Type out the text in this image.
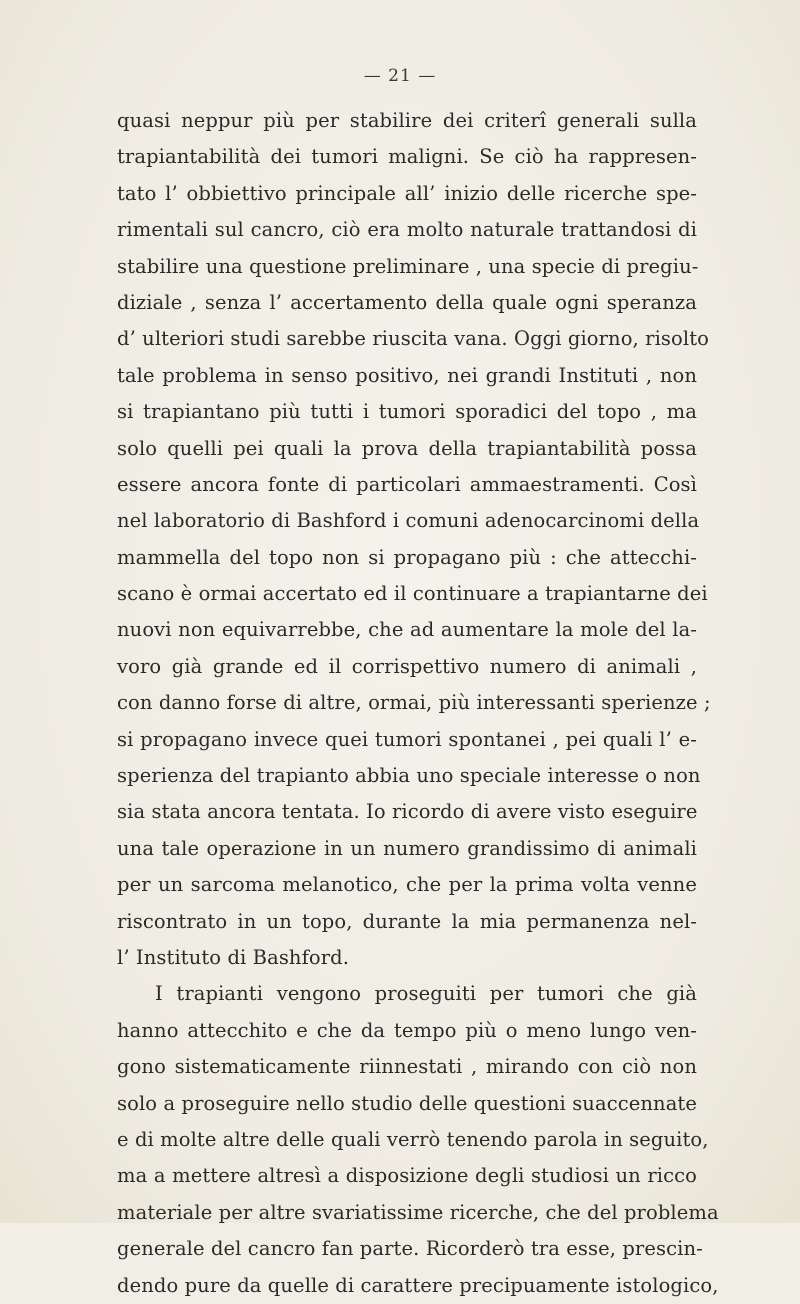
— 21 —
quasi neppur più per stabilire dei criterî generali sulla
trapiantabilità dei tumori maligni. Se ciò ha rappresen-
tato l’ obbiettivo principale all’ inizio delle ricerche spe-
rimentali sul cancro, ciò era molto naturale trattandosi di
stabilire una questione preliminare , una specie di pregiu-
diziale , senza l’ accertamento della quale ogni speranza
d’ ulteriori studi sarebbe riuscita vana. Oggi giorno, risolto
tale problema in senso positivo, nei grandi Instituti , non
si trapiantano più tutti i tumori sporadici del topo , ma
solo quelli pei quali la prova della trapiantabilità possa
essere ancora fonte di particolari ammaestramenti. Così
nel laboratorio di Bashford i comuni adenocarcinomi della
mammella del topo non si propagano più : che attecchi-
scano è ormai accertato ed il continuare a trapiantarne dei
nuovi non equivarrebbe, che ad aumentare la mole del la-
voro già grande ed il corrispettivo numero di animali ,
con danno forse di altre, ormai, più interessanti sperienze ;
si propagano invece quei tumori spontanei , pei quali l’ e-
sperienza del trapianto abbia uno speciale interesse o non
sia stata ancora tentata. Io ricordo di avere visto eseguire
una tale operazione in un numero grandissimo di animali
per un sarcoma melanotico, che per la prima volta venne
riscontrato in un topo, durante la mia permanenza nel-
l’ Instituto di Bashford.
I trapianti vengono proseguiti per tumori che già
hanno attecchito e che da tempo più o meno lungo ven-
gono sistematicamente riinnestati , mirando con ciò non
solo a proseguire nello studio delle questioni suaccennate
e di molte altre delle quali verrò tenendo parola in seguito,
ma a mettere altresì a disposizione degli studiosi un ricco
materiale per altre svariatissime ricerche, che del problema
generale del cancro fan parte. Ricorderò tra esse, prescin-
dendo pure da quelle di carattere precipuamente istologico,
